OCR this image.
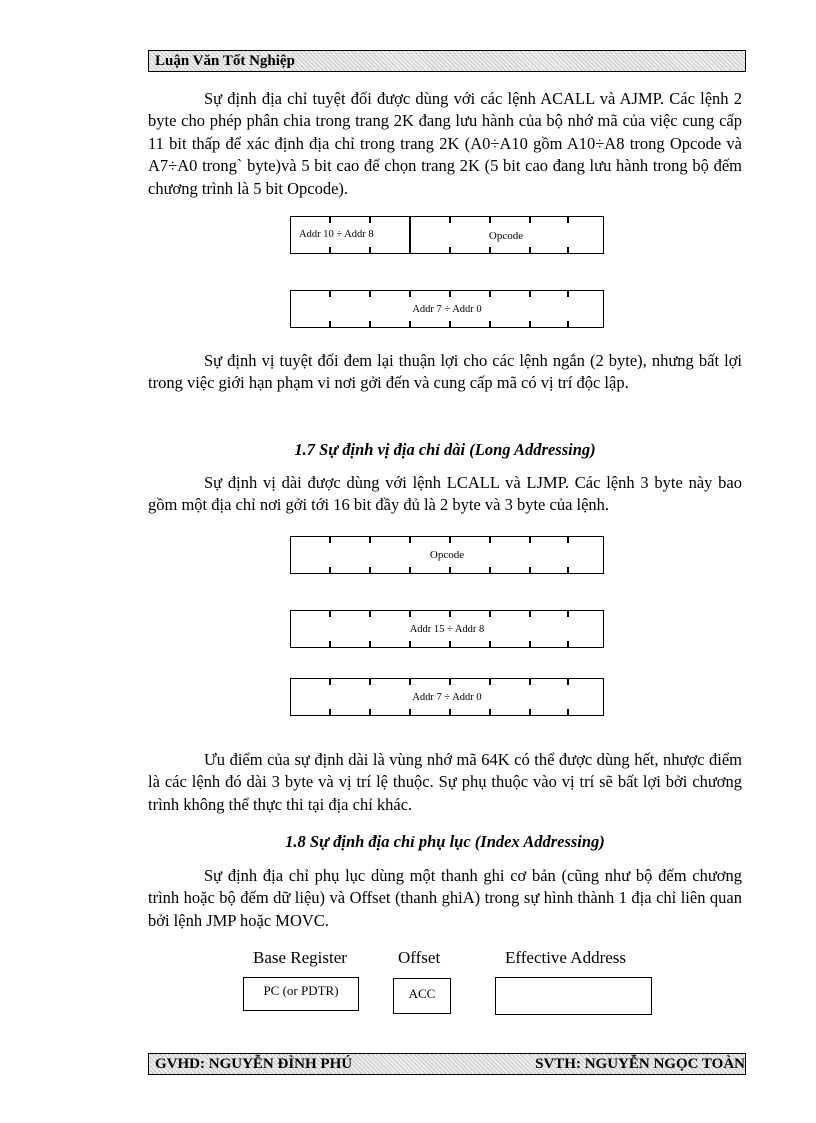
Luận Văn Tốt Nghiệp

Sự định địa chỉ tuyệt đối được dùng với các lệnh ACALL và AJMP. Các lệnh 2 byte cho phép phân chia trong trang 2K đang lưu hành của bộ nhớ mã của việc cung cấp 11 bit thấp để xác định địa chỉ trong trang 2K (A0÷A10 gồm A10÷A8 trong Opcode và A7÷A0 trong` byte)và 5 bit cao để chọn trang 2K (5 bit cao đang lưu hành trong bộ đếm chương trình là 5 bit Opcode).

Addr 10 ÷ Addr 8	Opcode
Addr 7 ÷ Addr 0

Sự định vị tuyệt đối đem lại thuận lợi cho các lệnh ngắn (2 byte), nhưng bất lợi trong việc giới hạn phạm vi nơi gởi đến và cung cấp mã có vị trí độc lập.

1.7 Sự định vị địa chỉ dài (Long Addressing)

Sự định vị dài được dùng với lệnh LCALL và LJMP. Các lệnh 3 byte này bao gồm một địa chỉ nơi gởi tới 16 bit đầy đủ là 2 byte và 3 byte của lệnh.

Opcode
Addr 15 ÷ Addr 8
Addr 7 ÷ Addr 0

Ưu điểm của sự định dài là vùng nhớ mã 64K có thể được dùng hết, nhược điểm là các lệnh đó dài 3 byte và vị trí lệ thuộc. Sự phụ thuộc vào vị trí sẽ bất lợi bởi chương trình không thể thực thi tại địa chỉ khác.

1.8 Sự định địa chỉ phụ lục (Index Addressing)

Sự định địa chỉ phụ lục dùng một thanh ghi cơ bản (cũng như bộ đếm chương trình hoặc bộ đếm dữ liệu) và Offset (thanh ghiA) trong sự hình thành 1 địa chỉ liên quan bởi lệnh JMP hoặc MOVC.

Base Register	Offset	Effective Address
PC (or PDTR)	ACC
GVHD: NGUYỄN ĐÌNH PHÚ	SVTH: NGUYỄN NGỌC TOÀN
